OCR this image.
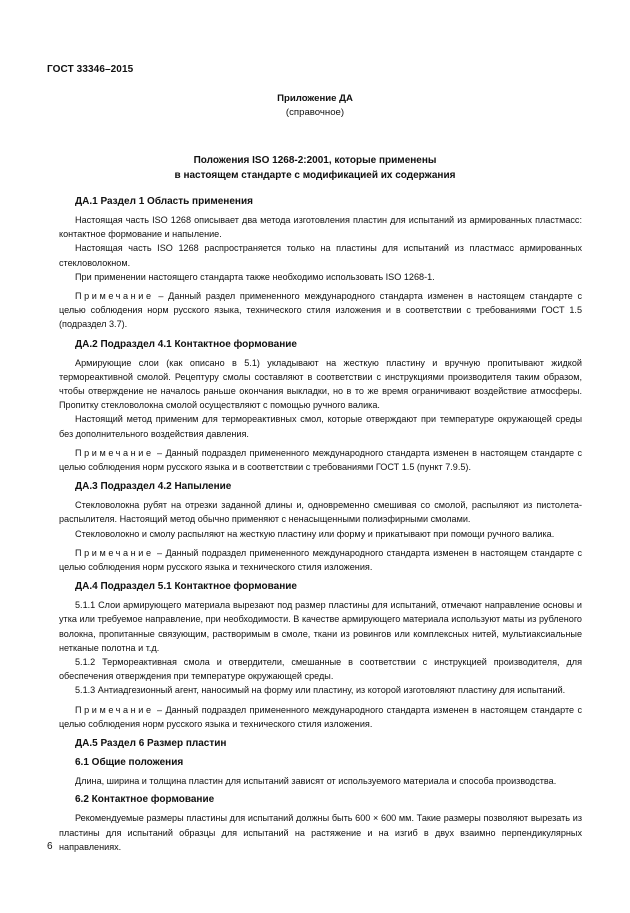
ГОСТ 33346–2015
Приложение ДА
(справочное)
Положения ISO 1268-2:2001, которые применены
в настоящем стандарте с модификацией их содержания
ДА.1 Раздел 1 Область применения

Настоящая часть ISO 1268 описывает два метода изготовления пластин для испытаний из армированных пластмасс: контактное формование и напыление.

Настоящая часть ISO 1268 распространяется только на пластины для испытаний из пластмасс армированных стекловолокном.

При применении настоящего стандарта также необходимо использовать ISO 1268-1.

Примечание – Данный раздел примененного международного стандарта изменен в настоящем стандарте с целью соблюдения норм русского языка, технического стиля изложения и в соответствии с требованиями ГОСТ 1.5 (подраздел 3.7).

ДА.2 Подраздел 4.1 Контактное формование

Армирующие слои (как описано в 5.1) укладывают на жесткую пластину и вручную пропитывают жидкой термореактивной смолой. Рецептуру смолы составляют в соответствии с инструкциями производителя таким образом, чтобы отверждение не началось раньше окончания выкладки, но в то же время ограничивают воздействие атмосферы. Пропитку стекловолокна смолой осуществляют с помощью ручного валика.

Настоящий метод применим для термореактивных смол, которые отверждают при температуре окружающей среды без дополнительного воздействия давления.

Примечание – Данный подраздел примененного международного стандарта изменен в настоящем стандарте с целью соблюдения норм русского языка и в соответствии с требованиями ГОСТ 1.5 (пункт 7.9.5).

ДА.3 Подраздел 4.2 Напыление

Стекловолокна рубят на отрезки заданной длины и, одновременно смешивая со смолой, распыляют из пистолета-распылителя. Настоящий метод обычно применяют с ненасыщенными полиэфирными смолами.

Стекловолокно и смолу распыляют на жесткую пластину или форму и прикатывают при помощи ручного валика.

Примечание – Данный подраздел примененного международного стандарта изменен в настоящем стандарте с целью соблюдения норм русского языка и технического стиля изложения.

ДА.4 Подраздел 5.1 Контактное формование

5.1.1 Слои армирующего материала вырезают под размер пластины для испытаний, отмечают направление основы и утка или требуемое направление, при необходимости. В качестве армирующего материала используют маты из рубленого волокна, пропитанные связующим, растворимым в смоле, ткани из ровингов или комплексных нитей, мультиаксиальные нетканые полотна и т.д.

5.1.2 Термореактивная смола и отвердители, смешанные в соответствии с инструкцией производителя, для обеспечения отверждения при температуре окружающей среды.

5.1.3 Антиадгезионный агент, наносимый на форму или пластину, из которой изготовляют пластину для испытаний.

Примечание – Данный подраздел примененного международного стандарта изменен в настоящем стандарте с целью соблюдения норм русского языка и технического стиля изложения.

ДА.5 Раздел 6 Размер пластин
6.1 Общие положения

Длина, ширина и толщина пластин для испытаний зависят от используемого материала и способа производства.

6.2 Контактное формование

Рекомендуемые размеры пластины для испытаний должны быть 600 × 600 мм. Такие размеры позволяют вырезать из пластины для испытаний образцы для испытаний на растяжение и на изгиб в двух взаимно перпендикулярных направлениях.

6
